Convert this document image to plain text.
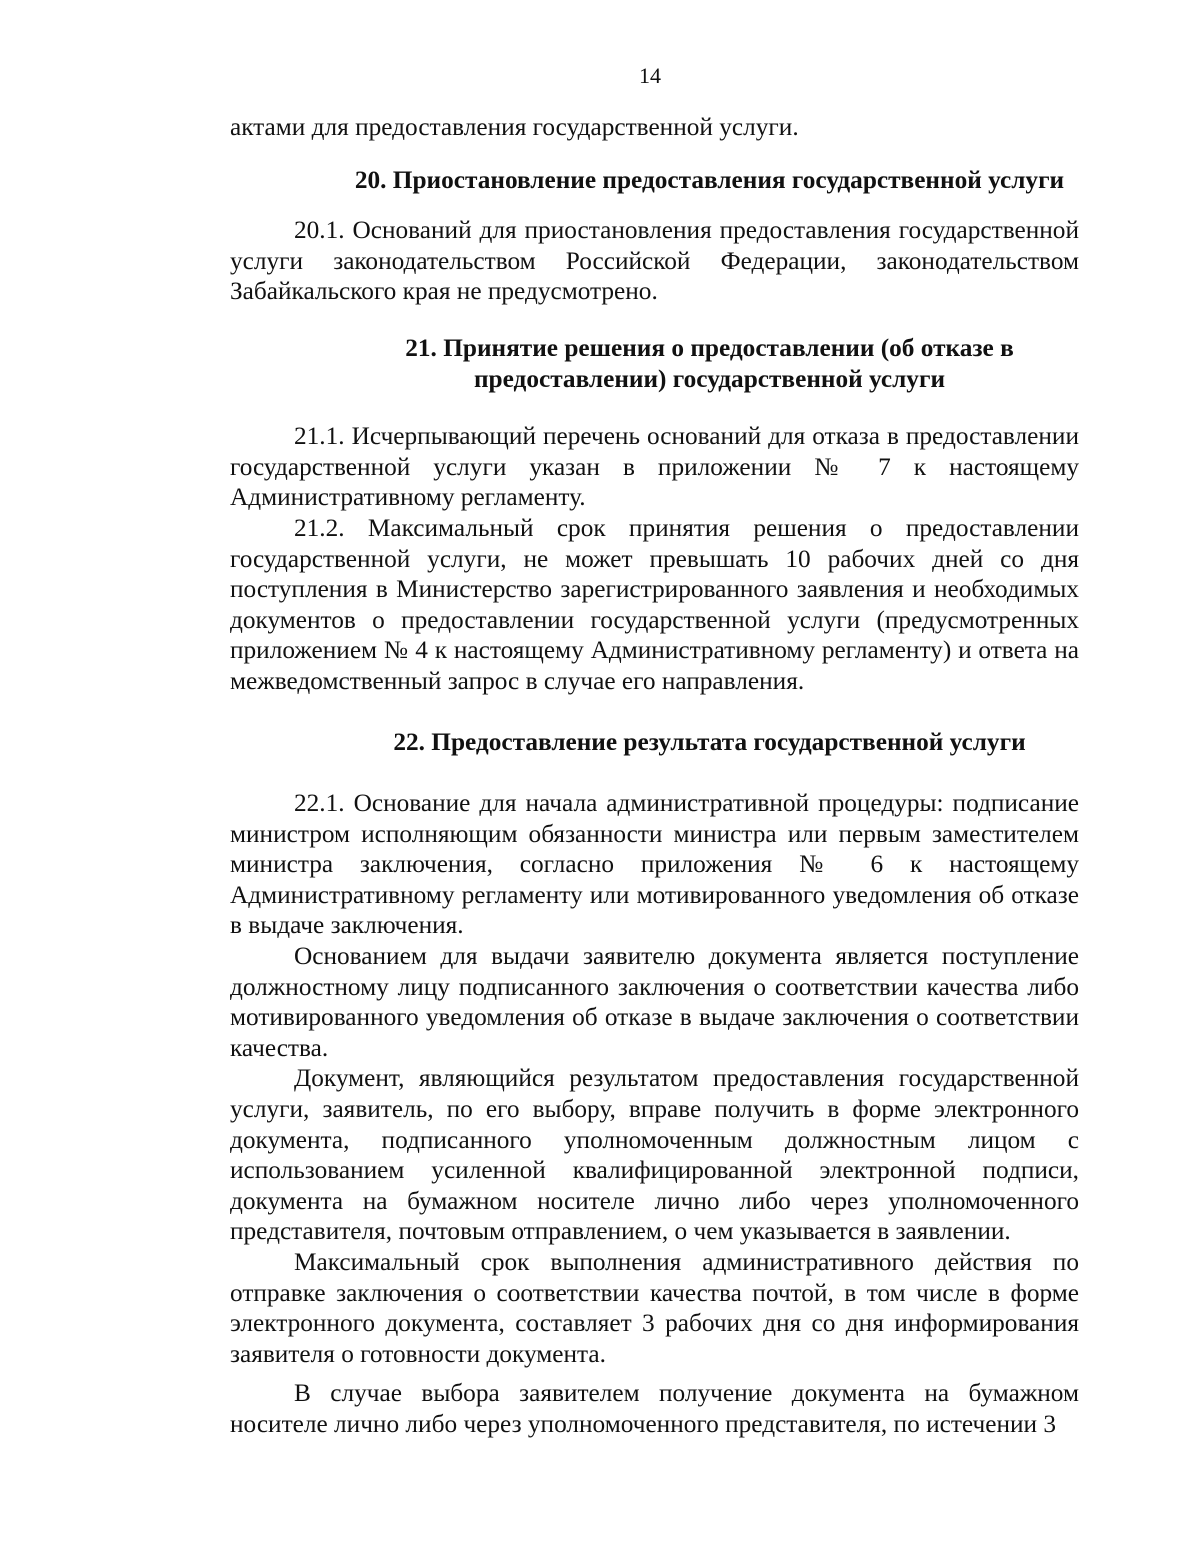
14

актами для предоставления государственной услуги.

20. Приостановление предоставления государственной услуги

20.1. Оснований для приостановления предоставления государственной услуги законодательством Российской Федерации, законодательством Забайкальского края не предусмотрено.

21. Принятие решения о предоставлении (об отказе в
предоставлении) государственной услуги

21.1. Исчерпывающий перечень оснований для отказа в предоставлении государственной услуги указан в приложении № 7 к настоящему Административному регламенту.

21.2. Максимальный срок принятия решения о предоставлении государственной услуги, не может превышать 10 рабочих дней со дня поступления в Министерство зарегистрированного заявления и необходимых документов о предоставлении государственной услуги (предусмотренных приложением № 4 к настоящему Административному регламенту) и ответа на межведомственный запрос в случае его направления.

22. Предоставление результата государственной услуги

22.1. Основание для начала административной процедуры: подписание министром исполняющим обязанности министра или первым заместителем министра заключения, согласно приложения № 6 к настоящему Административному регламенту или мотивированного уведомления об отказе в выдаче заключения.

Основанием для выдачи заявителю документа является поступление должностному лицу подписанного заключения о соответствии качества либо мотивированного уведомления об отказе в выдаче заключения о соответствии качества.

Документ, являющийся результатом предоставления государственной услуги, заявитель, по его выбору, вправе получить в форме электронного документа, подписанного уполномоченным должностным лицом с использованием усиленной квалифицированной электронной подписи, документа на бумажном носителе лично либо через уполномоченного представителя, почтовым отправлением, о чем указывается в заявлении.

Максимальный срок выполнения административного действия по отправке заключения о соответствии качества почтой, в том числе в форме электронного документа, составляет 3 рабочих дня со дня информирования заявителя о готовности документа.

В случае выбора заявителем получение документа на бумажном носителе лично либо через уполномоченного представителя, по истечении 3
